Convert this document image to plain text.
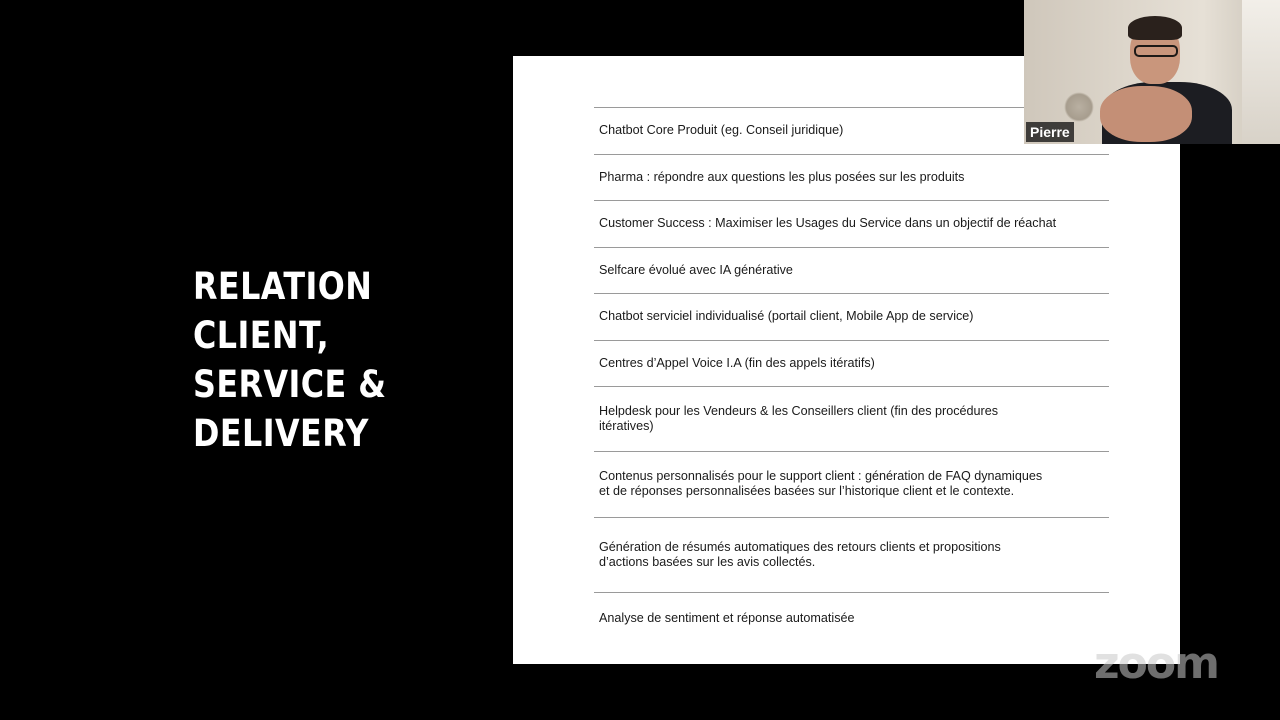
RELATION
CLIENT,
SERVICE &
DELIVERY
Chatbot Core Produit (eg. Conseil juridique)
Pharma : répondre aux questions les plus posées sur les produits
Customer Success : Maximiser les Usages du Service dans un objectif de réachat
Selfcare évolué avec IA générative
Chatbot serviciel individualisé (portail client, Mobile App de service)
Centres d’Appel Voice I.A (fin des appels itératifs)
Helpdesk pour les Vendeurs & les Conseillers client (fin des procédures
itératives)
Contenus personnalisés pour le support client : génération de FAQ dynamiques
et de réponses personnalisées basées sur l’historique client et le contexte.
Génération de résumés automatiques des retours clients et propositions
d’actions basées sur les avis collectés.
Analyse de sentiment et réponse automatisée
Pierre
zoom
